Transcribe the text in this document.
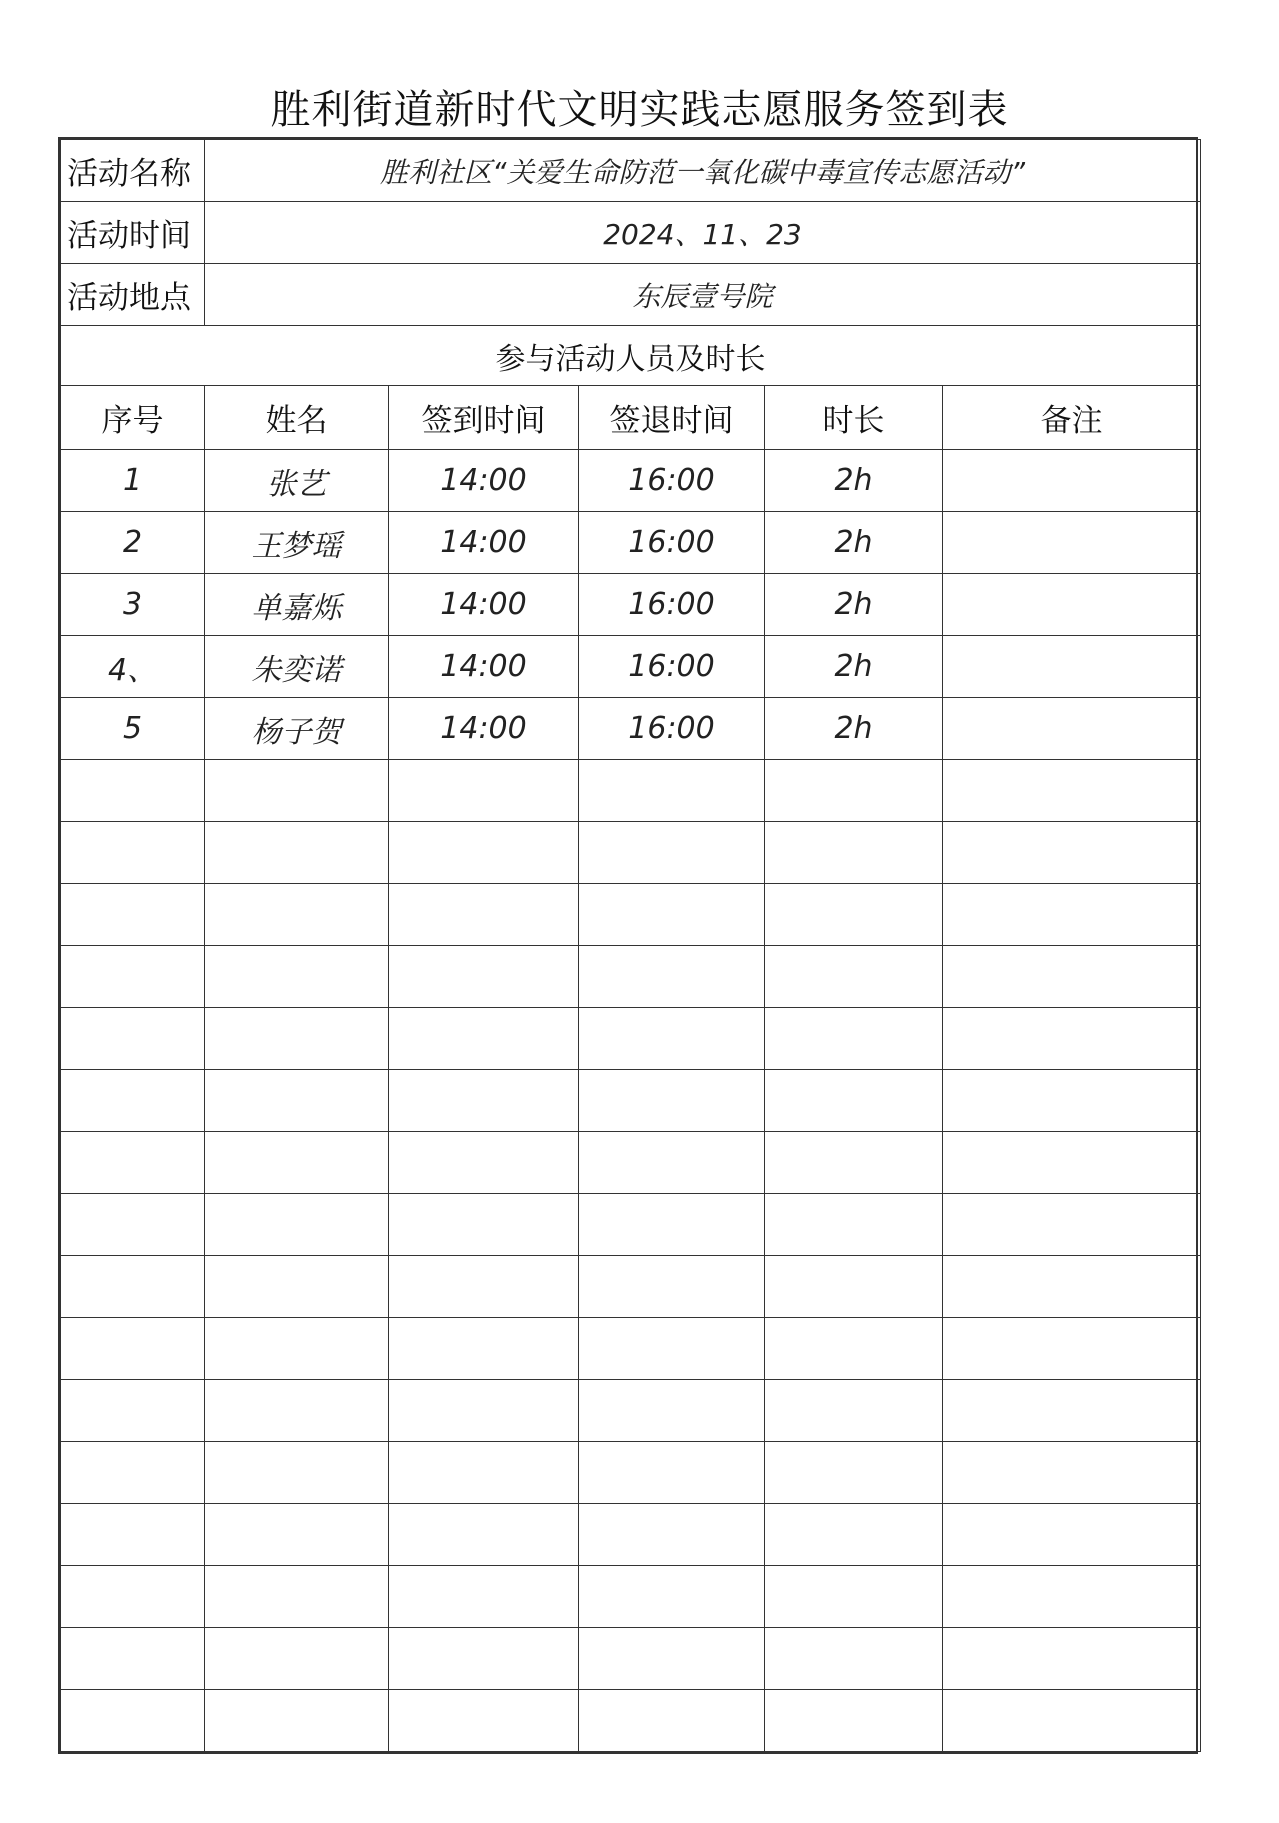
胜利街道新时代文明实践志愿服务签到表
活动名称	胜利社区“关爱生命防范一氧化碳中毒宣传志愿活动”				
活动时间	2024、11、23				
活动地点	东辰壹号院				
参与活动人员及时长					
序号	姓名	签到时间	签退时间	时长	备注
1	张艺	14:00	16:00	2h	
2	王梦瑶	14:00	16:00	2h	
3	单嘉烁	14:00	16:00	2h	
4、	朱奕诺	14:00	16:00	2h	
5	杨子贺	14:00	16:00	2h	
